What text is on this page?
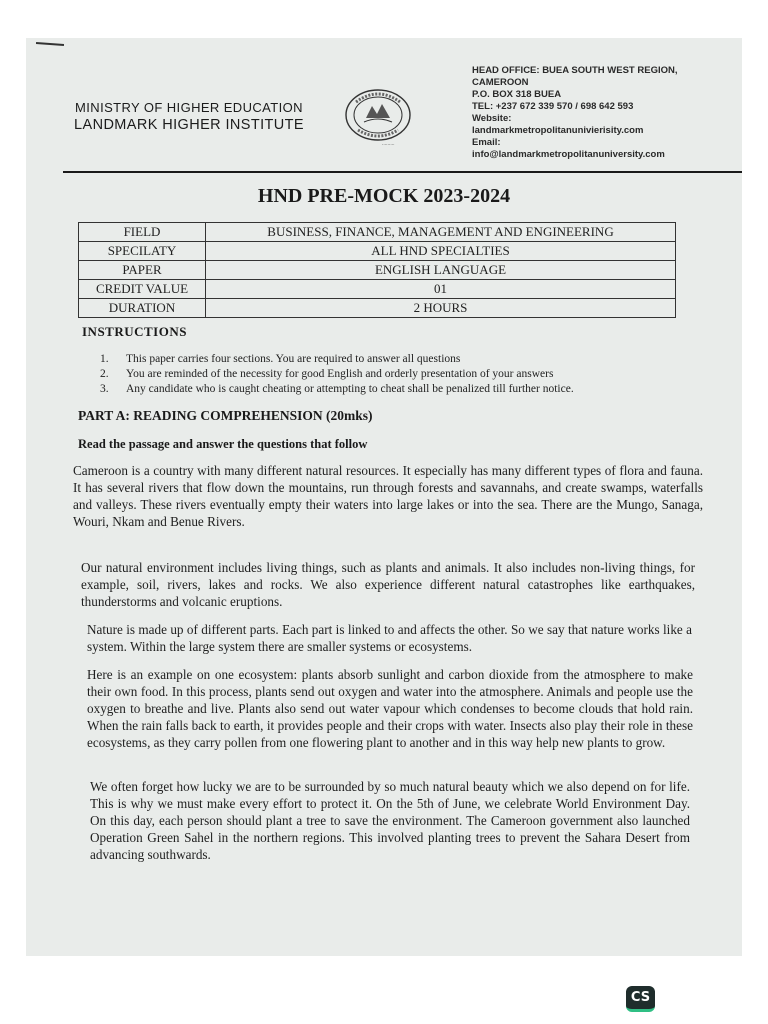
MINISTRY OF HIGHER EDUCATION
LANDMARK HIGHER INSTITUTE
.........
HEAD OFFICE: BUEA SOUTH WEST REGION,
CAMEROON
P.O. BOX 318 BUEA
TEL: +237 672 339 570 / 698 642 593
Website:
landmarkmetropolitanunivierisity.com
Email:
info@landmarkmetropolitanuniversity.com
HND PRE-MOCK 2023-2024
FIELD	BUSINESS, FINANCE, MANAGEMENT AND ENGINEERING
SPECILATY	ALL HND SPECIALTIES
PAPER	ENGLISH LANGUAGE
CREDIT VALUE	01
DURATION	2 HOURS
INSTRUCTIONS
1.	This paper carries four sections. You are required to answer all questions
2.	You are reminded of the necessity for good English and orderly presentation of your answers
3.	Any candidate who is caught cheating or attempting to cheat shall be penalized till further notice.
PART A: READING COMPREHENSION (20mks)
Read the passage and answer the questions that follow
Cameroon is a country with many different natural resources. It especially has many different types of flora and fauna. It has several rivers that flow down the mountains, run through forests and savannahs, and create swamps, waterfalls and valleys. These rivers eventually empty their waters into large lakes or into the sea. There are the Mungo, Sanaga, Wouri, Nkam and Benue Rivers.
Our natural environment includes living things, such as plants and animals. It also includes non-living things, for example, soil, rivers, lakes and rocks. We also experience different natural catastrophes like earthquakes, thunderstorms and volcanic eruptions.
Nature is made up of different parts. Each part is linked to and affects the other. So we say that nature works like a system. Within the large system there are smaller systems or ecosystems.
Here is an example on one ecosystem: plants absorb sunlight and carbon dioxide from the atmosphere to make their own food. In this process, plants send out oxygen and water into the atmosphere. Animals and people use the oxygen to breathe and live. Plants also send out water vapour which condenses to become clouds that hold rain. When the rain falls back to earth, it provides people and their crops with water. Insects also play their role in these ecosystems, as they carry pollen from one flowering plant to another and in this way help new plants to grow.
We often forget how lucky we are to be surrounded by so much natural beauty which we also depend on for life. This is why we must make every effort to protect it. On the 5th of June, we celebrate World Environment Day. On this day, each person should plant a tree to save the environment. The Cameroon government also launched Operation Green Sahel in the northern regions. This involved planting trees to prevent the Sahara Desert from advancing southwards.
CS
